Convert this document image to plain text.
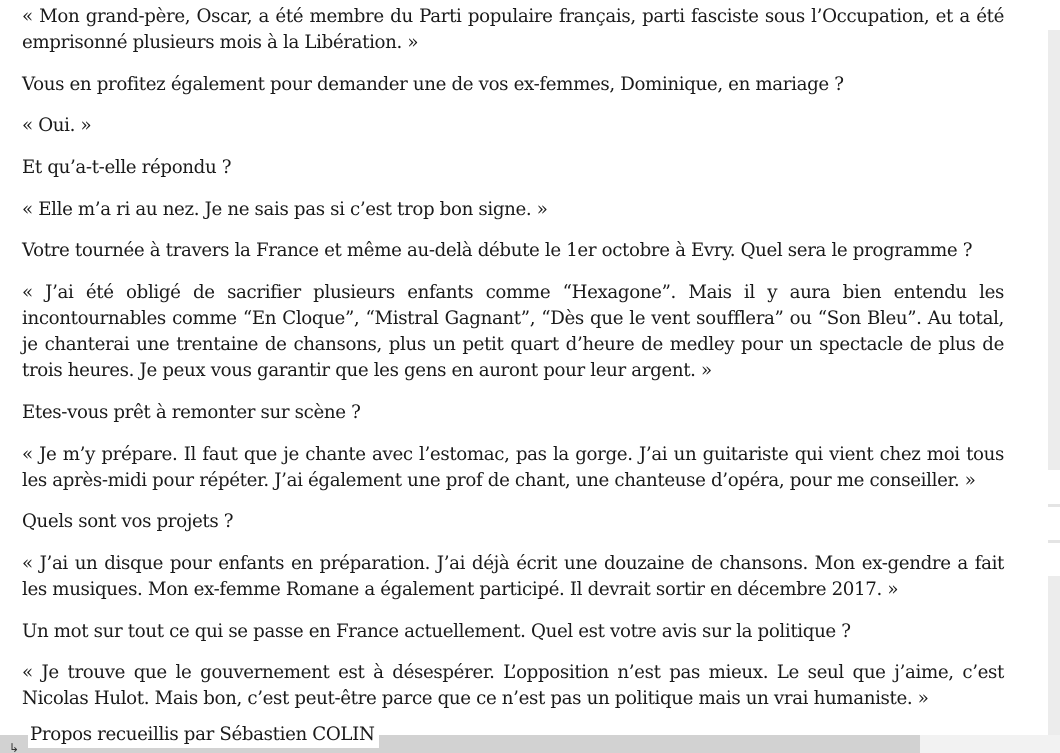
« Mon grand-père, Oscar, a été membre du Parti populaire français, parti fasciste sous l’Occupation, et a été emprisonné plusieurs mois à la Libération. »

Vous en profitez également pour demander une de vos ex-femmes, Dominique, en mariage ?

« Oui. »

Et qu’a-t-elle répondu ?

« Elle m’a ri au nez. Je ne sais pas si c’est trop bon signe. »

Votre tournée à travers la France et même au-delà débute le 1er octobre à Evry. Quel sera le programme ?

« J’ai été obligé de sacrifier plusieurs enfants comme “Hexagone”. Mais il y aura bien entendu les incontournables comme “En Cloque”, “Mistral Gagnant”, “Dès que le vent soufflera” ou “Son Bleu”. Au total, je chanterai une trentaine de chansons, plus un petit quart d’heure de medley pour un spectacle de plus de trois heures. Je peux vous garantir que les gens en auront pour leur argent. »

Etes-vous prêt à remonter sur scène ?

« Je m’y prépare. Il faut que je chante avec l’estomac, pas la gorge. J’ai un guitariste qui vient chez moi tous les après-midi pour répéter. J’ai également une prof de chant, une chanteuse d’opéra, pour me conseiller. »

Quels sont vos projets ?

« J’ai un disque pour enfants en préparation. J’ai déjà écrit une douzaine de chansons. Mon ex-gendre a fait les musiques. Mon ex-femme Romane a également participé. Il devrait sortir en décembre 2017. »

Un mot sur tout ce qui se passe en France actuellement. Quel est votre avis sur la politique ?

« Je trouve que le gouvernement est à désespérer. L’opposition n’est pas mieux. Le seul que j’aime, c’est Nicolas Hulot. Mais bon, c’est peut-être parce que ce n’est pas un politique mais un vrai humaniste. »

Propos recueillis par Sébastien COLIN
↳
